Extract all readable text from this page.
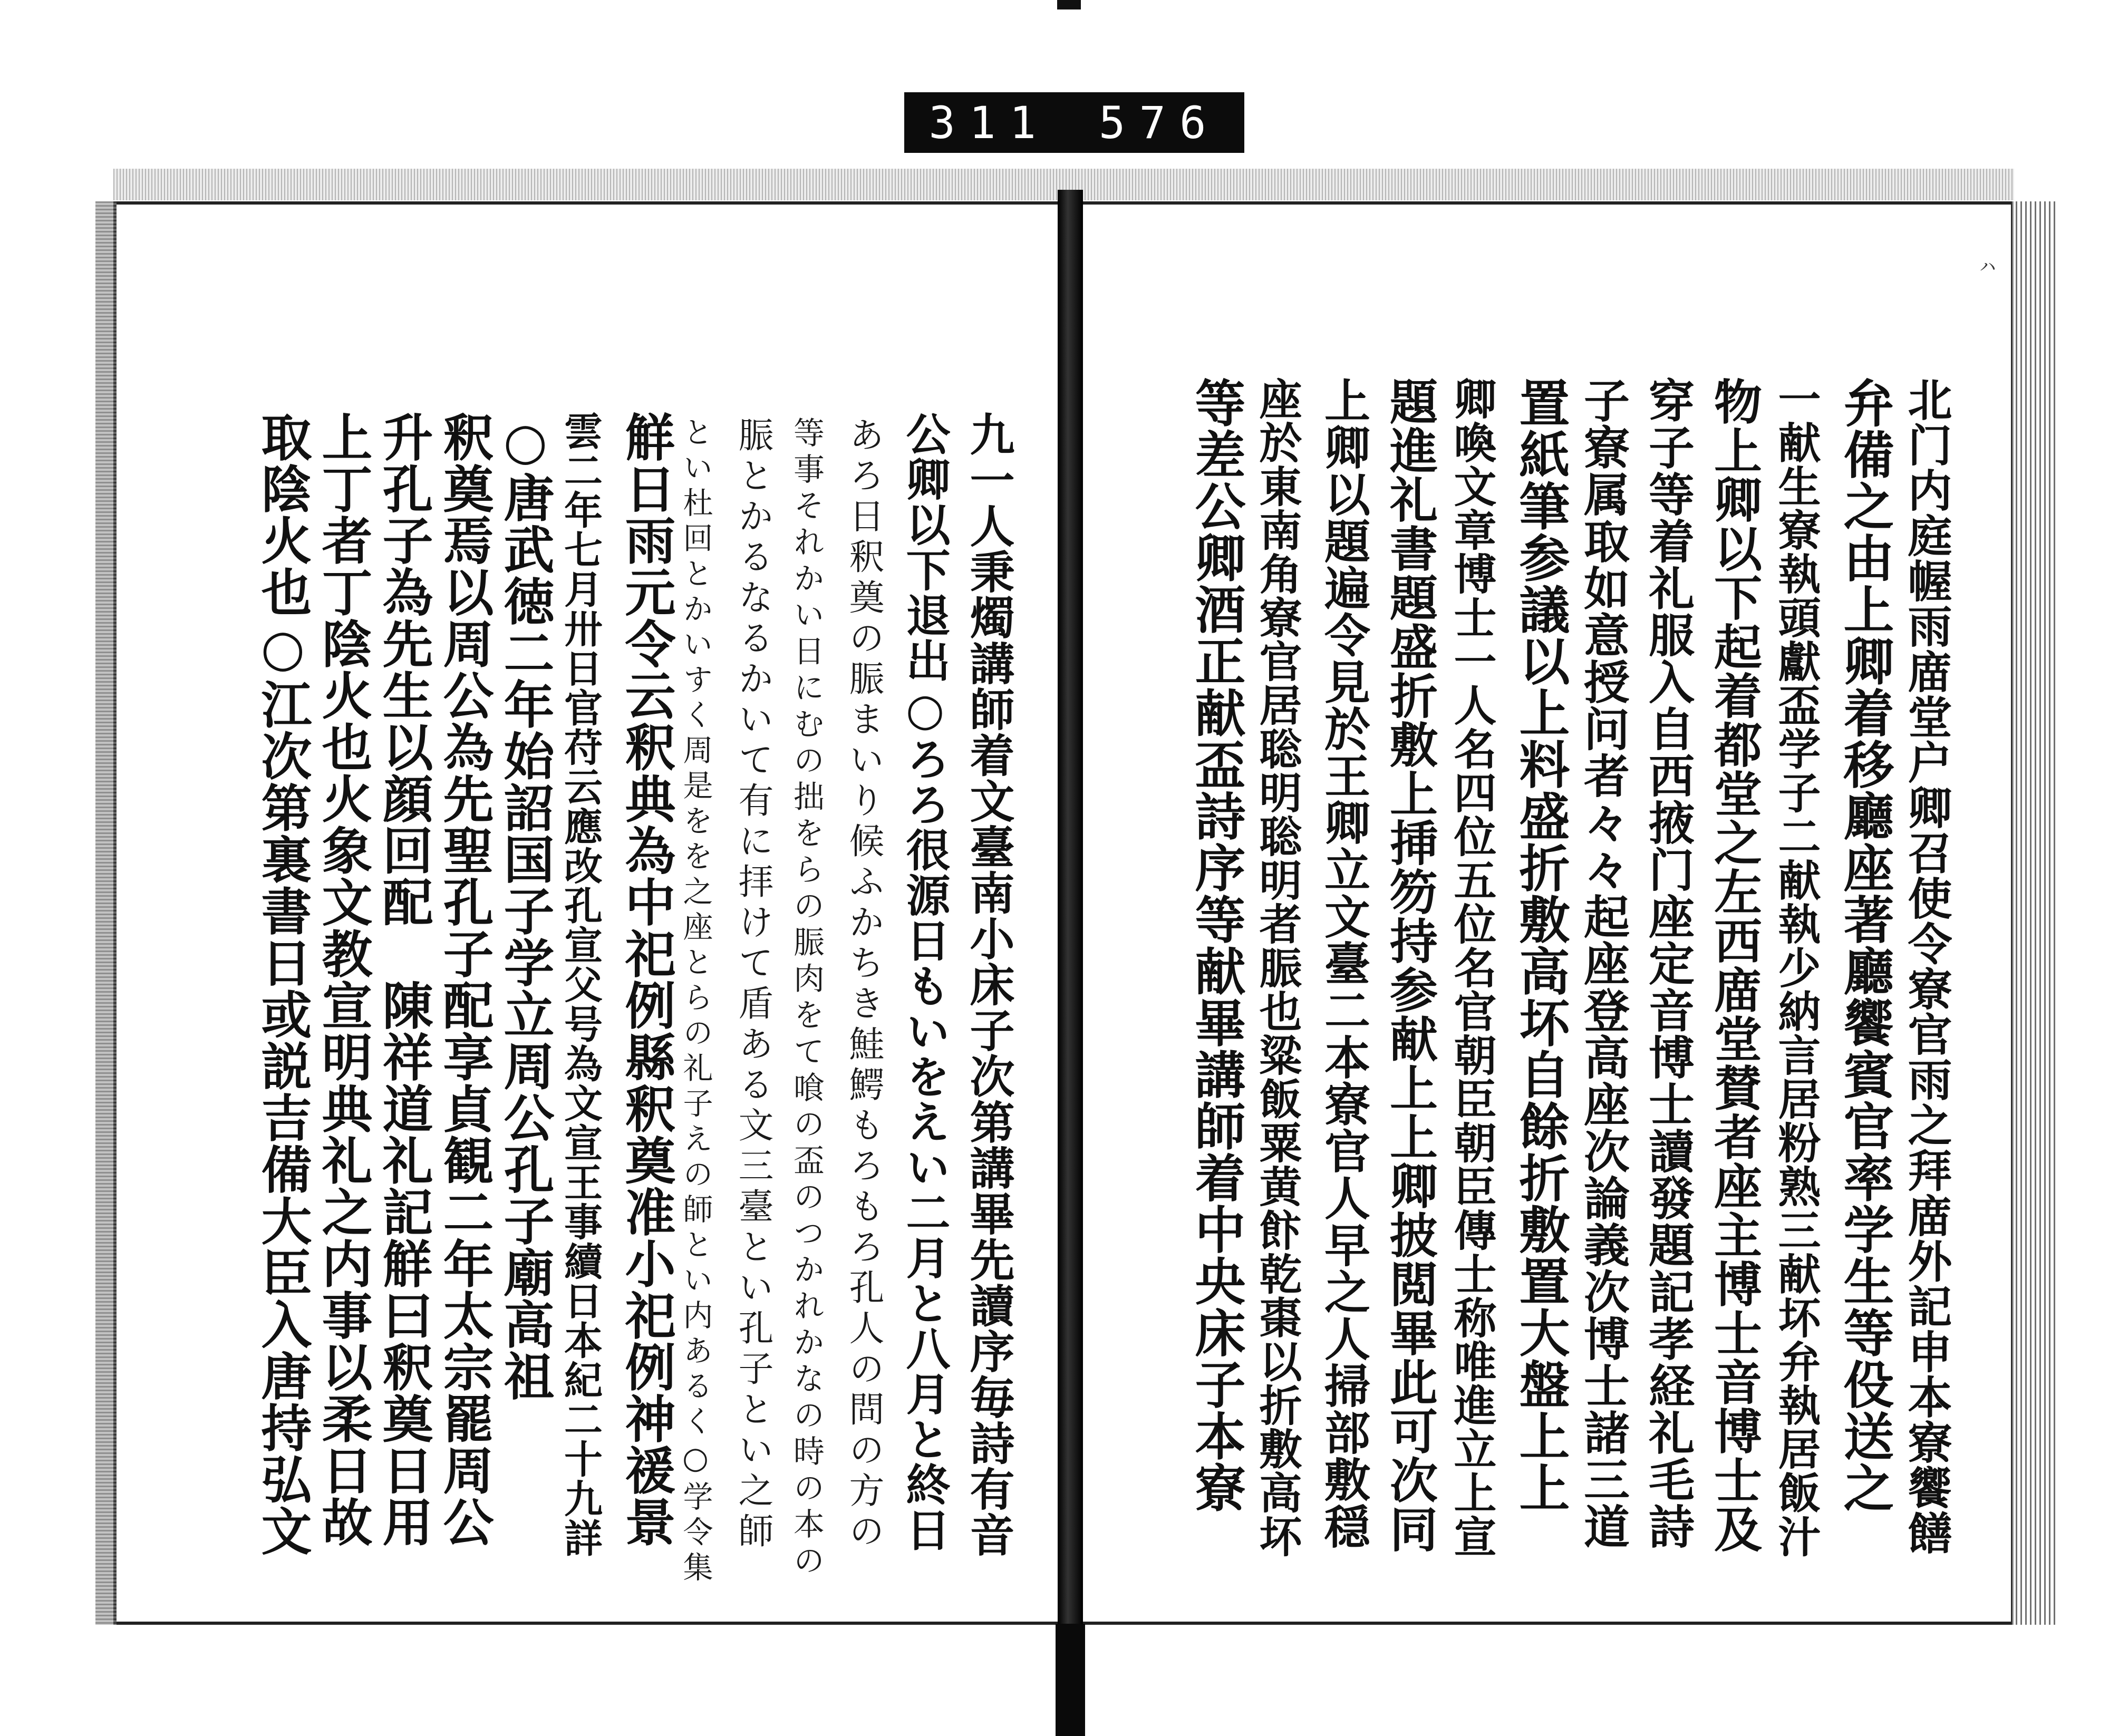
311 576
ㇵ
北门内庭幄雨庿堂户卿召使令寮官雨之拜庿外記申本寮饗饍
弁備之由上卿着移廳座著廳饗賓官率学生等伇送之
一献生寮執頭獻盃学子二献執少納言居粉熟三献坏弁執居飯汁
物上卿以下起着都堂之左西庿堂賛者座主博士音博士及
穿子等着礼服入自西掖门座定音博士讀發題記孝経礼毛詩
子寮属取如意授问者々々起座登高座次論義次博士諸三道
置紙筆参議以上料盛折敷高坏自餘折敷置大盤上上
卿喚文章博士一人名四位五位名官朝臣朝臣傳士称唯進立上宣
題進礼書題盛折敷上挿笏持参献上上卿披閲畢此可次同
上卿以題遍令見於王卿立文臺二本寮官人早之人掃部敷穏
座於東南角寮官居聡明聡明者脤也粱飯粟黄飰乾棗以折敷高坏
等差公卿酒正献盃詩序等献畢講師着中央床子本寮
九一人秉燭講師着文臺南小床子次第講畢先讀序毎詩有音
公卿以下退出○ろろ很源日もいをえい二月と八月と終日
あろ日釈奠の脤まいり候ふかちき鮭鰐もろもろ孔人の問の方の
等事それかい日にむの拙をらの脤肉をて喰の盃のつかれかなの時の本の
脤とかるなるかいて有に拝けて盾ある文三臺とい孔子とい之師
とい杜回とかいすく周是をを之座とらの礼子えの師とい内あるく○学令集
觧日雨元令云釈典為中祀例縣釈奠准小祀例神禐景
雲二年七月卅日官苻云應改孔宣父号為文宣王事續日本紀二十九詳
○唐武徳二年始詔国子学立周公孔子廟高祖
釈奠焉以周公為先聖孔子配享貞観二年太宗罷周公
升孔子為先生以顔回配　陳祥道礼記觧曰釈奠日用
上丁者丁陰火也火象文教宣明典礼之内事以柔日故
取陰火也○江次第裏書日或説吉備大臣入唐持弘文
